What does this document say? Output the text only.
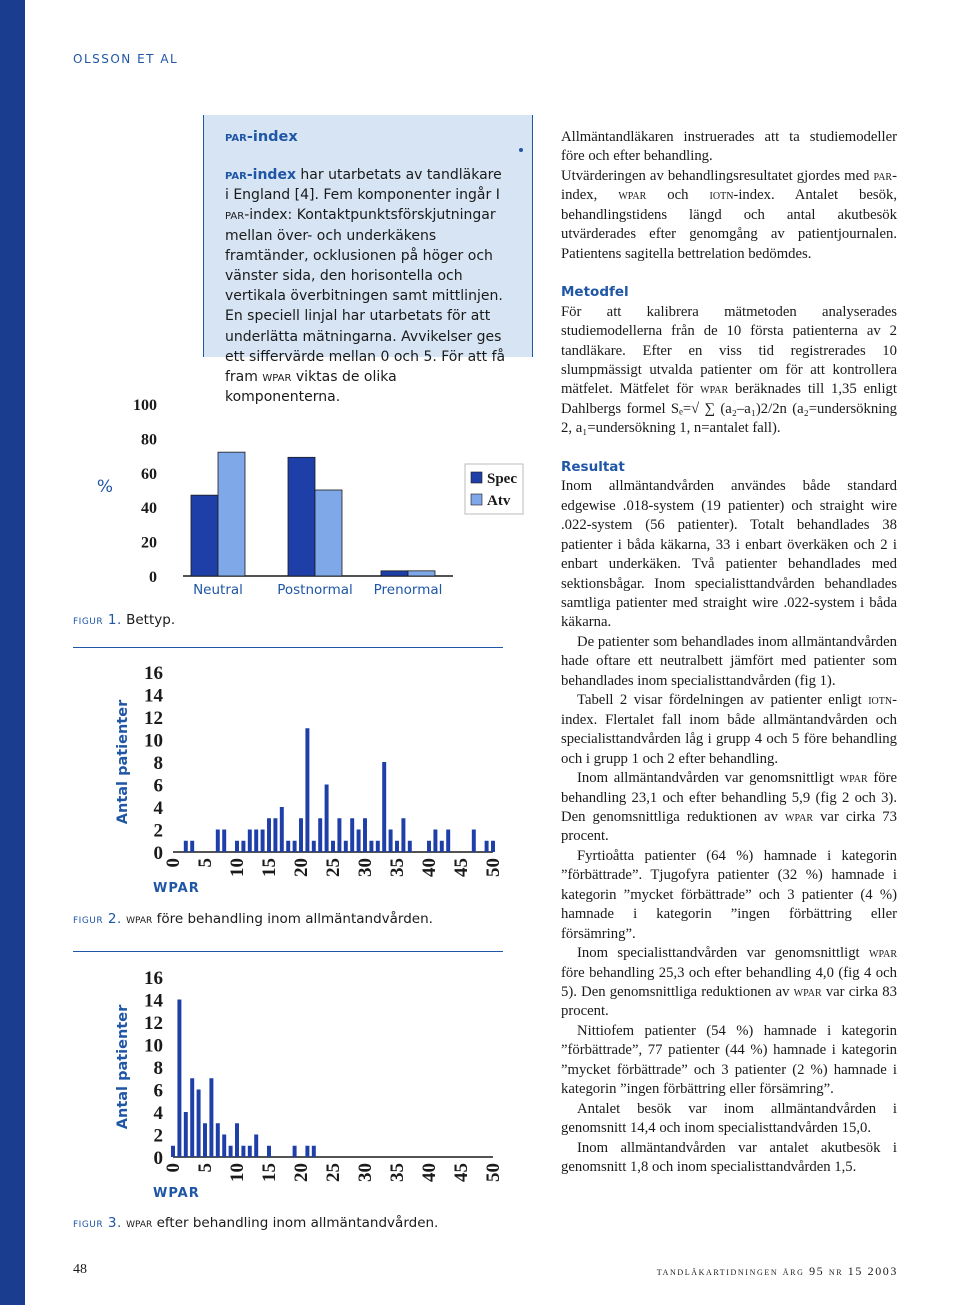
OLSSON ET AL

par-index

par-index har utarbetats av tandläkare i England [4]. Fem komponenter ingår I par-index: Kontaktpunktsförskjutningar mellan över- och underkäkens framtänder, ocklusionen på höger och vänster sida, den horisontella och vertikala överbitningen samt mittlinjen. En speciell linjal har utarbetats för att underlätta mätningarna. Avvikelser ges ett siffervärde mellan 0 och 5. För att få fram wpar viktas de olika komponenterna.

%
0
20
40
60
80
100
Neutral	Postnormal Prenormal
Spec
Atv
figur 1. Bettyp.
Antal patienter
0
2
4
6
8
10
12
14
16
0 5 10 15 20 25 30 35 40 45 50
WPAR
figur 2. wpar före behandling inom allmäntandvården.
Antal patienter
0
2
4
6
8
10
12
14
16
0 5 10 15 20 25 30 35 40 45 50
WPAR
figur 3. wpar efter behandling inom allmäntandvården.

Allmäntandläkaren instruerades att ta studiemodeller före och efter behandling.

Utvärderingen av behandlingsresultatet gjordes med par-index, wpar och iotn-index. Antalet besök, behandlingstidens längd och antal akutbesök utvärderades efter genomgång av patientjournalen. Patientens sagitella bettrelation bedömdes.

Metodfel

För att kalibrera mätmetoden analyserades studiemodellerna från de 10 första patienterna av 2 tandläkare. Efter en viss tid registrerades 10 slumpmässigt utvalda patienter om för att kontrollera mätfelet. Mätfelet för wpar beräknades till 1,35 enligt Dahlbergs formel Sₑ=√ ∑ (a₂–a₁)2/2n (a₂=undersökning 2, a₁=undersökning 1, n=antalet fall).

Resultat

Inom allmäntandvården användes både standard edgewise .018-system (19 patienter) och straight wire .022-system (56 patienter). Totalt behandlades 38 patienter i båda käkarna, 33 i enbart överkäken och 2 i enbart underkäken. Två patienter behandlades med sektionsbågar. Inom specialisttandvården behandlades samtliga patienter med straight wire .022-system i båda käkarna.

De patienter som behandlades inom allmäntandvården hade oftare ett neutralbett jämfört med patienter som behandlades inom specialisttandvården (fig 1).

Tabell 2 visar fördelningen av patienter enligt iotn-index. Flertalet fall inom både allmäntandvården och specialisttandvården låg i grupp 4 och 5 före behandling och i grupp 1 och 2 efter behandling.

Inom allmäntandvården var genomsnittligt wpar före behandling 23,1 och efter behandling 5,9 (fig 2 och 3). Den genomsnittliga reduktionen av wpar var cirka 73 procent.

Fyrtioåtta patienter (64 %) hamnade i kategorin ”förbättrade”. Tjugofyra patienter (32 %) hamnade i kategorin ”mycket förbättrade” och 3 patienter (4 %) hamnade i kategorin ”ingen förbättring eller försämring”.

Inom specialisttandvården var genomsnittligt wpar före behandling 25,3 och efter behandling 4,0 (fig 4 och 5). Den genomsnittliga reduktionen av wpar var cirka 83 procent.

Nittiofem patienter (54 %) hamnade i kategorin ”förbättrade”, 77 patienter (44 %) hamnade i kategorin ”mycket förbättrade” och 3 patienter (2 %) hamnade i kategorin ”ingen förbättring eller försämring”.

Antalet besök var inom allmäntandvården i genomsnitt 14,4 och inom specialisttandvården 15,0.

Inom allmäntandvården var antalet akutbesök i genomsnitt 1,8 och inom specialisttandvården 1,5.

48	tandläkartidningen årg 95 nr 15 2003
